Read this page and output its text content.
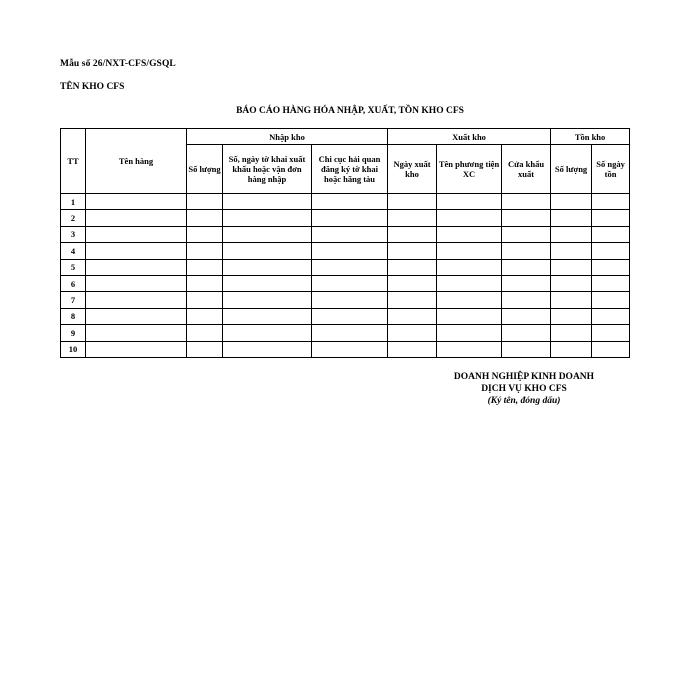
Mẫu số 26/NXT-CFS/GSQL
TÊN KHO CFS
BÁO CÁO HÀNG HÓA NHẬP, XUẤT, TỒN KHO CFS
TT	Tên hàng	Nhập kho			Xuất kho			Tồn kho	
		Số lượng	Số, ngày tờ khai xuất khẩu hoặc vận đơn hàng nhập	Chi cục hải quan đăng ký tờ khai hoặc hãng tàu	Ngày xuất kho	Tên phương tiện XC	Cửa khẩu xuất	Số lượng	Số ngày tồn
1									
2									
3									
4									
5									
6									
7									
8									
9									
10									
DOANH NGHIỆP KINH DOANH
DỊCH VỤ KHO CFS
(Ký tên, đóng dấu)
